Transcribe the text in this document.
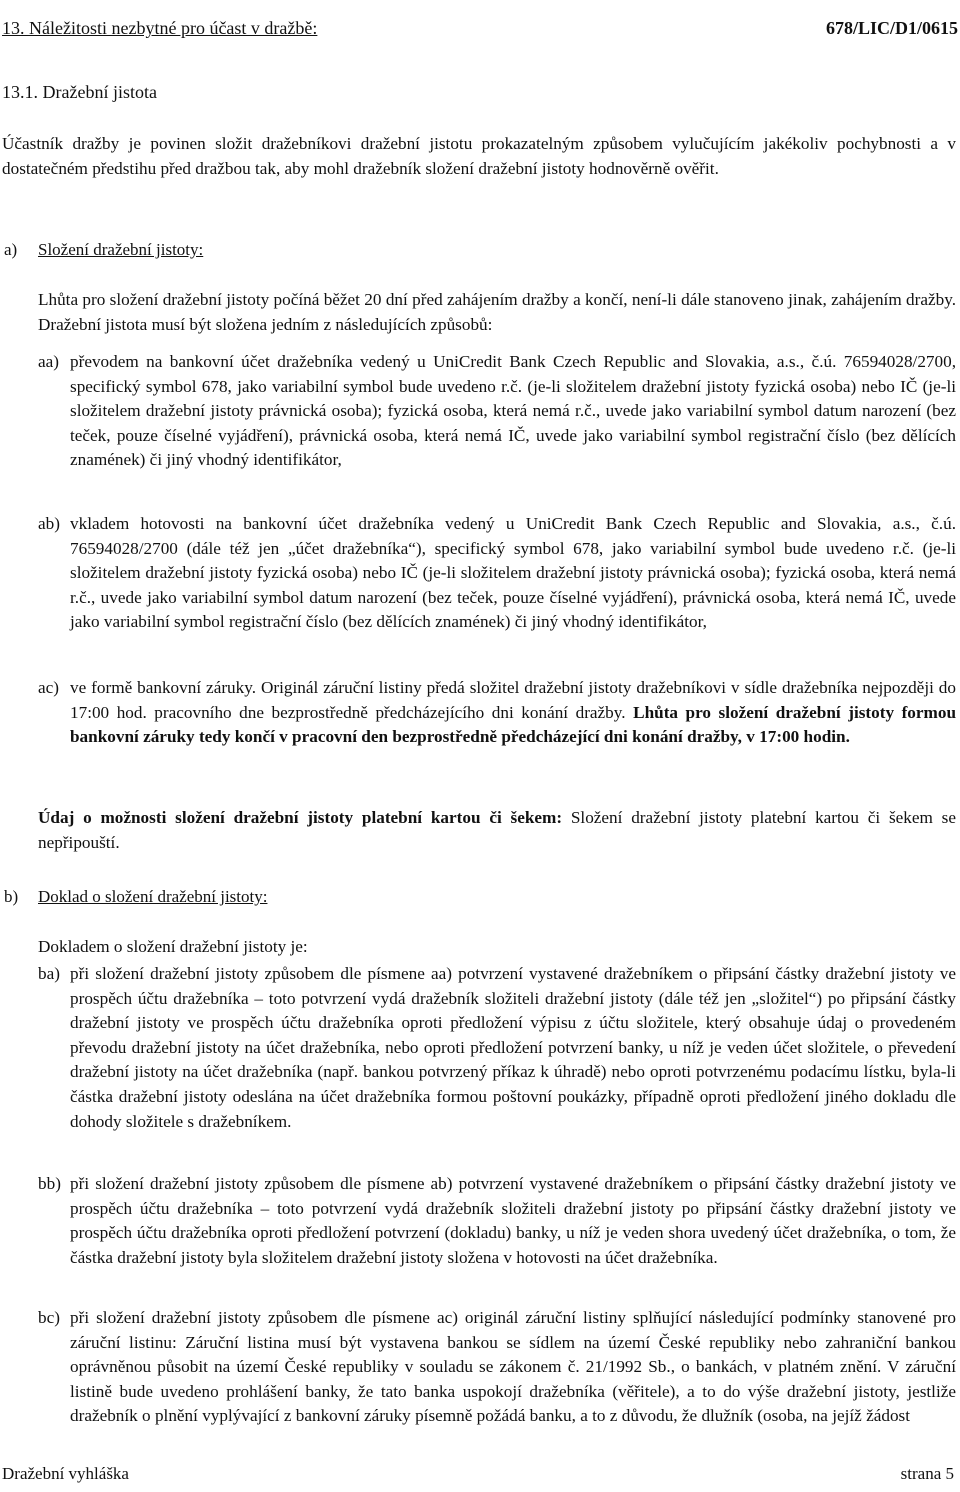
13. Náležitosti nezbytné pro účast v dražbě:	678/LIC/D1/0615
13.1. Dražební jistota
Účastník dražby je povinen složit dražebníkovi dražební jistotu prokazatelným způsobem vylučujícím jakékoliv pochybnosti a v dostatečném předstihu před dražbou tak, aby mohl dražebník složení dražební jistoty hodnověrně ověřit.
a) Složení dražební jistoty:
Lhůta pro složení dražební jistoty počíná běžet 20 dní před zahájením dražby a končí, není-li dále stanoveno jinak, zahájením dražby. Dražební jistota musí být složena jedním z následujících způsobů:
aa) převodem na bankovní účet dražebníka vedený u UniCredit Bank Czech Republic and Slovakia, a.s., č.ú. 76594028/2700, specifický symbol 678, jako variabilní symbol bude uvedeno r.č. (je-li složitelem dražební jistoty fyzická osoba) nebo IČ (je-li složitelem dražební jistoty právnická osoba); fyzická osoba, která nemá r.č., uvede jako variabilní symbol datum narození (bez teček, pouze číselné vyjádření), právnická osoba, která nemá IČ, uvede jako variabilní symbol registrační číslo (bez dělících znamének) či jiný vhodný identifikátor,
ab) vkladem hotovosti na bankovní účet dražebníka vedený u UniCredit Bank Czech Republic and Slovakia, a.s., č.ú. 76594028/2700 (dále též jen „účet dražebníka“), specifický symbol 678, jako variabilní symbol bude uvedeno r.č. (je-li složitelem dražební jistoty fyzická osoba) nebo IČ (je-li složitelem dražební jistoty právnická osoba); fyzická osoba, která nemá r.č., uvede jako variabilní symbol datum narození (bez teček, pouze číselné vyjádření), právnická osoba, která nemá IČ, uvede jako variabilní symbol registrační číslo (bez dělících znamének) či jiný vhodný identifikátor,
ac) ve formě bankovní záruky. Originál záruční listiny předá složitel dražební jistoty dražebníkovi v sídle dražebníka nejpozději do 17:00 hod. pracovního dne bezprostředně předcházejícího dni konání dražby. Lhůta pro složení dražební jistoty formou bankovní záruky tedy končí v pracovní den bezprostředně předcházející dni konání dražby, v 17:00 hodin.
Údaj o možnosti složení dražební jistoty platební kartou či šekem: Složení dražební jistoty platební kartou či šekem se nepřipouští.
b) Doklad o složení dražební jistoty:
Dokladem o složení dražební jistoty je:
ba) při složení dražební jistoty způsobem dle písmene aa) potvrzení vystavené dražebníkem o připsání částky dražební jistoty ve prospěch účtu dražebníka – toto potvrzení vydá dražebník složiteli dražební jistoty (dále též jen „složitel“) po připsání částky dražební jistoty ve prospěch účtu dražebníka oproti předložení výpisu z účtu složitele, který obsahuje údaj o provedeném převodu dražební jistoty na účet dražebníka, nebo oproti předložení potvrzení banky, u níž je veden účet složitele, o převedení dražební jistoty na účet dražebníka (např. bankou potvrzený příkaz k úhradě) nebo oproti potvrzenému podacímu lístku, byla-li částka dražební jistoty odeslána na účet dražebníka formou poštovní poukázky, případně oproti předložení jiného dokladu dle dohody složitele s dražebníkem.
bb) při složení dražební jistoty způsobem dle písmene ab) potvrzení vystavené dražebníkem o připsání částky dražební jistoty ve prospěch účtu dražebníka – toto potvrzení vydá dražebník složiteli dražební jistoty po připsání částky dražební jistoty ve prospěch účtu dražebníka oproti předložení potvrzení (dokladu) banky, u níž je veden shora uvedený účet dražebníka, o tom, že částka dražební jistoty byla složitelem dražební jistoty složena v hotovosti na účet dražebníka.
bc) při složení dražební jistoty způsobem dle písmene ac) originál záruční listiny splňující následující podmínky stanovené pro záruční listinu: Záruční listina musí být vystavena bankou se sídlem na území České republiky nebo zahraniční bankou oprávněnou působit na území České republiky v souladu se zákonem č. 21/1992 Sb., o bankách, v platném znění. V záruční listině bude uvedeno prohlášení banky, že tato banka uspokojí dražebníka (věřitele), a to do výše dražební jistoty, jestliže dražebník o plnění vyplývající z bankovní záruky písemně požádá banku, a to z důvodu, že dlužník (osoba, na jejíž žádost
Dražební vyhláška	strana 5
